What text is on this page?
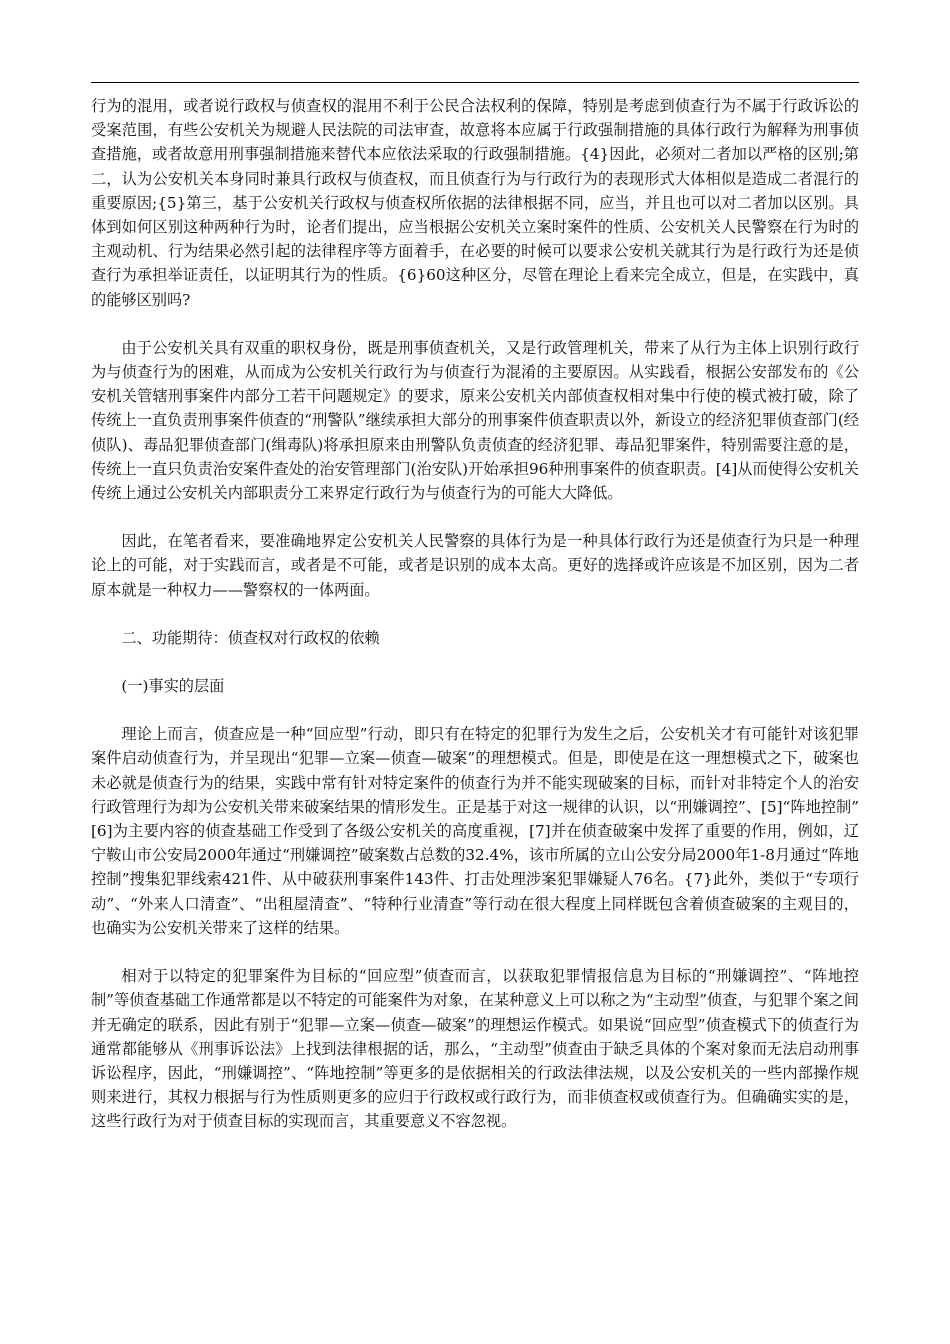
行为的混用，或者说行政权与侦查权的混用不利于公民合法权利的保障，特别是考虑到侦查行为不属于行政诉讼的受案范围，有些公安机关为规避人民法院的司法审查，故意将本应属于行政强制措施的具体行政行为解释为刑事侦查措施，或者故意用刑事强制措施来替代本应依法采取的行政强制措施。{4}因此，必须对二者加以严格的区别;第二，认为公安机关本身同时兼具行政权与侦查权，而且侦查行为与行政行为的表现形式大体相似是造成二者混行的重要原因;{5}第三，基于公安机关行政权与侦查权所依据的法律根据不同，应当，并且也可以对二者加以区别。具体到如何区别这种两种行为时，论者们提出，应当根据公安机关立案时案件的性质、公安机关人民警察在行为时的主观动机、行为结果必然引起的法律程序等方面着手，在必要的时候可以要求公安机关就其行为是行政行为还是侦查行为承担举证责任，以证明其行为的性质。{6}60这种区分，尽管在理论上看来完全成立，但是，在实践中，真的能够区别吗?

由于公安机关具有双重的职权身份，既是刑事侦查机关，又是行政管理机关，带来了从行为主体上识别行政行为与侦查行为的困难，从而成为公安机关行政行为与侦查行为混淆的主要原因。从实践看，根据公安部发布的《公安机关管辖刑事案件内部分工若干问题规定》的要求，原来公安机关内部侦查权相对集中行使的模式被打破，除了传统上一直负责刑事案件侦查的“刑警队”继续承担大部分的刑事案件侦查职责以外，新设立的经济犯罪侦查部门(经侦队)、毒品犯罪侦查部门(缉毒队)将承担原来由刑警队负责侦查的经济犯罪、毒品犯罪案件，特别需要注意的是，传统上一直只负责治安案件查处的治安管理部门(治安队)开始承担96种刑事案件的侦查职责。[4]从而使得公安机关传统上通过公安机关内部职责分工来界定行政行为与侦查行为的可能大大降低。

因此，在笔者看来，要准确地界定公安机关人民警察的具体行为是一种具体行政行为还是侦查行为只是一种理论上的可能，对于实践而言，或者是不可能，或者是识别的成本太高。更好的选择或许应该是不加区别，因为二者原本就是一种权力——警察权的一体两面。

二、功能期待：侦查权对行政权的依赖

(一)事实的层面

理论上而言，侦查应是一种“回应型”行动，即只有在特定的犯罪行为发生之后，公安机关才有可能针对该犯罪案件启动侦查行为，并呈现出“犯罪—立案—侦查—破案”的理想模式。但是，即使是在这一理想模式之下，破案也未必就是侦查行为的结果，实践中常有针对特定案件的侦查行为并不能实现破案的目标，而针对非特定个人的治安行政管理行为却为公安机关带来破案结果的情形发生。正是基于对这一规律的认识，以“刑嫌调控”、[5]“阵地控制” [6]为主要内容的侦查基础工作受到了各级公安机关的高度重视，[7]并在侦查破案中发挥了重要的作用，例如，辽宁鞍山市公安局2000年通过“刑嫌调控”破案数占总数的32.4%，该市所属的立山公安分局2000年1-8月通过“阵地控制”搜集犯罪线索421件、从中破获刑事案件143件、打击处理涉案犯罪嫌疑人76名。{7}此外，类似于“专项行动”、“外来人口清查”、“出租屋清查”、“特种行业清查”等行动在很大程度上同样既包含着侦查破案的主观目的，也确实为公安机关带来了这样的结果。

相对于以特定的犯罪案件为目标的“回应型”侦查而言，以获取犯罪情报信息为目标的“刑嫌调控”、“阵地控制”等侦查基础工作通常都是以不特定的可能案件为对象，在某种意义上可以称之为“主动型”侦查，与犯罪个案之间并无确定的联系，因此有别于“犯罪—立案—侦查—破案”的理想运作模式。如果说“回应型”侦查模式下的侦查行为通常都能够从《刑事诉讼法》上找到法律根据的话，那么，“主动型”侦查由于缺乏具体的个案对象而无法启动刑事诉讼程序，因此，“刑嫌调控”、“阵地控制”等更多的是依据相关的行政法律法规，以及公安机关的一些内部操作规则来进行，其权力根据与行为性质则更多的应归于行政权或行政行为，而非侦查权或侦查行为。但确确实实的是，这些行政行为对于侦查目标的实现而言，其重要意义不容忽视。
